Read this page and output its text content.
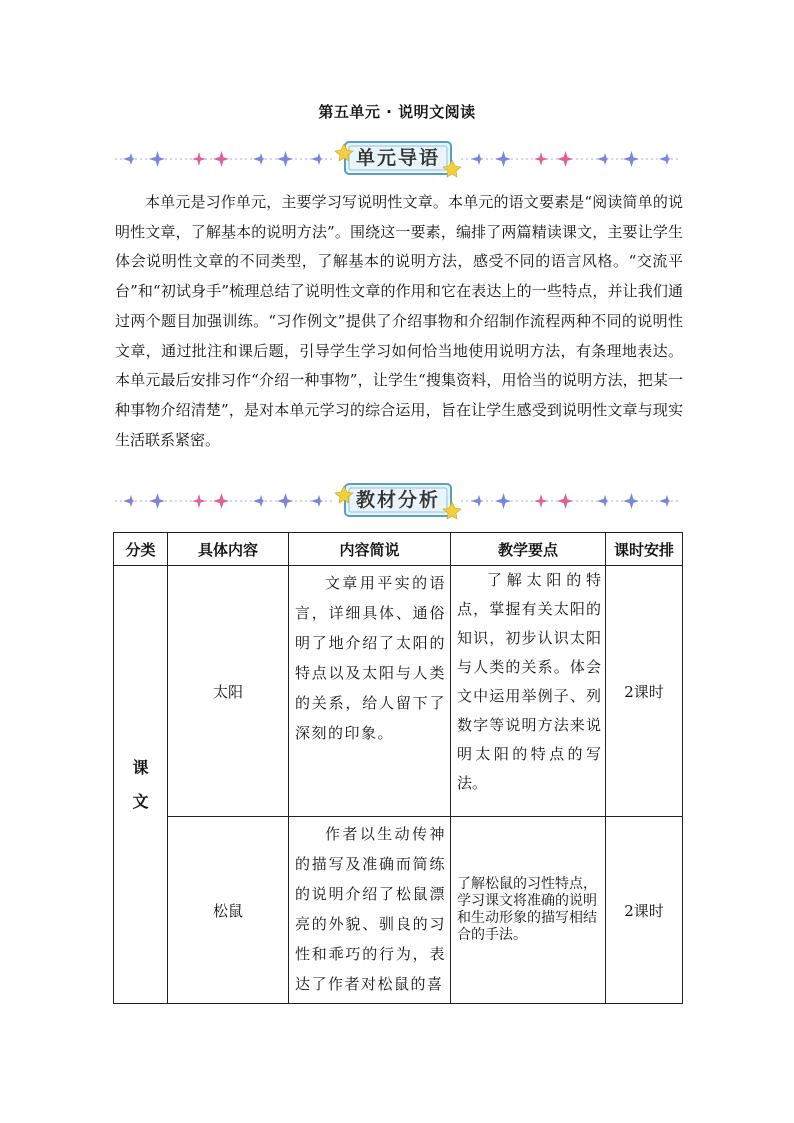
第五单元 · 说明文阅读
单元导语

本单元是习作单元，主要学习写说明性文章。本单元的语文要素是“阅读简单的说明性文章，了解基本的说明方法”。围绕这一要素，编排了两篇精读课文，主要让学生体会说明性文章的不同类型，了解基本的说明方法，感受不同的语言风格。“交流平台”和“初试身手”梳理总结了说明性文章的作用和它在表达上的一些特点，并让我们通过两个题目加强训练。“习作例文”提供了介绍事物和介绍制作流程两种不同的说明性文章，通过批注和课后题，引导学生学习如何恰当地使用说明方法，有条理地表达。本单元最后安排习作“介绍一种事物”，让学生“搜集资料，用恰当的说明方法，把某一种事物介绍清楚”，是对本单元学习的综合运用，旨在让学生感受到说明性文章与现实生活联系紧密。

教材分析
分类	具体内容	内容简说	教学要点	课时安排

课
文	太阳	文章用平实的语言，详细具体、通俗明了地介绍了太阳的特点以及太阳与人类的关系，给人留下了深刻的印象。	了解太阳的特点，掌握有关太阳的知识，初步认识太阳与人类的关系。体会文中运用举例子、列数字等说明方法来说明太阳的特点的写法。	2课时
	松鼠	作者以生动传神的描写及准确而简练的说明介绍了松鼠漂亮的外貌、驯良的习性和乖巧的行为，表达了作者对松鼠的喜	了解松鼠的习性特点，学习课文将准确的说明和生动形象的描写相结合的手法。	2课时
